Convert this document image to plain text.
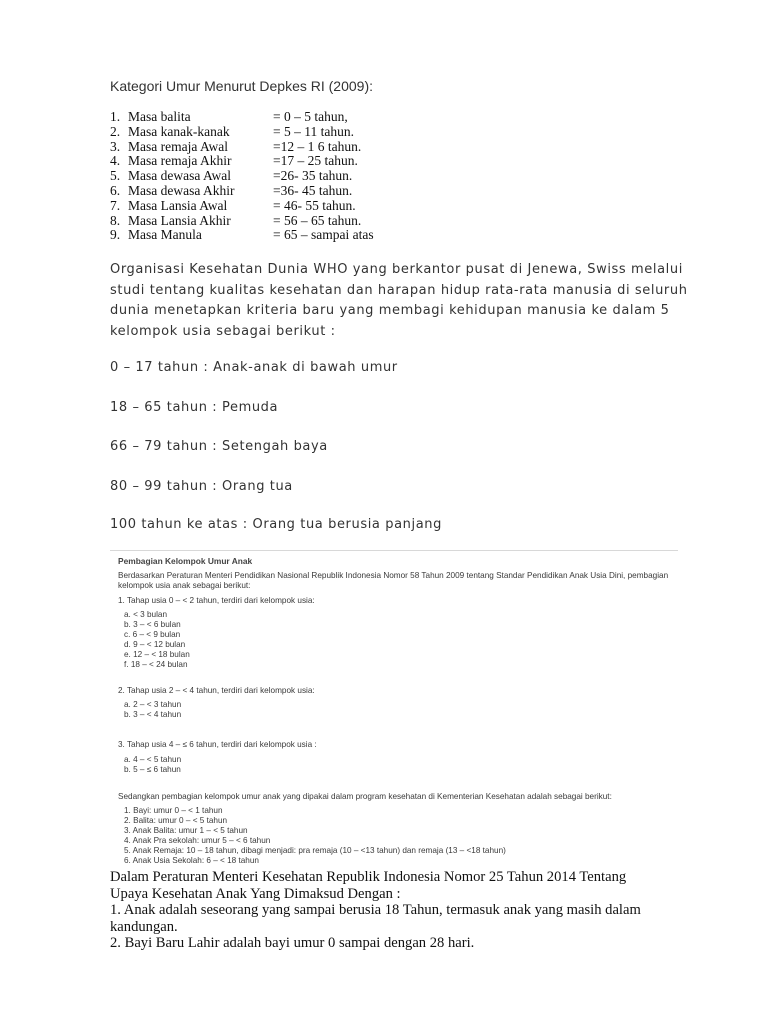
Kategori Umur Menurut Depkes RI (2009):
1. Masa balita	= 0 – 5 tahun,
2. Masa kanak-kanak	= 5 – 11 tahun.
3. Masa remaja Awal	=12 – 1 6 tahun.
4. Masa remaja Akhir	=17 – 25 tahun.
5. Masa dewasa Awal	=26- 35 tahun.
6. Masa dewasa Akhir	=36- 45 tahun.
7. Masa Lansia Awal	= 46- 55 tahun.
8. Masa Lansia Akhir	= 56 – 65 tahun.
9. Masa Manula	= 65 – sampai atas
Organisasi Kesehatan Dunia WHO yang berkantor pusat di Jenewa, Swiss melalui studi tentang kualitas kesehatan dan harapan hidup rata-rata manusia di seluruh dunia menetapkan kriteria baru yang membagi kehidupan manusia ke dalam 5 kelompok usia sebagai berikut :
0 – 17 tahun : Anak-anak di bawah umur
18 – 65 tahun : Pemuda
66 – 79 tahun : Setengah baya
80 – 99 tahun : Orang tua
100 tahun ke atas : Orang tua berusia panjang
Pembagian Kelompok Umur Anak
Berdasarkan Peraturan Menteri Pendidikan Nasional Republik Indonesia Nomor 58 Tahun 2009 tentang Standar Pendidikan Anak Usia Dini, pembagian kelompok usia anak sebagai berikut:
1. Tahap usia 0 – < 2 tahun, terdiri dari kelompok usia:
a. < 3 bulan
b. 3 – < 6 bulan
c. 6 – < 9 bulan
d. 9 – < 12 bulan
e. 12 – < 18 bulan
f. 18 – < 24 bulan
2. Tahap usia 2 – < 4 tahun, terdiri dari kelompok usia:
a. 2 – < 3 tahun
b. 3 – < 4 tahun
3. Tahap usia 4 – ≤ 6 tahun, terdiri dari kelompok usia :
a. 4 – < 5 tahun
b. 5 – ≤ 6 tahun
Sedangkan pembagian kelompok umur anak yang dipakai dalam program kesehatan di Kementerian Kesehatan adalah sebagai berikut:
1. Bayi: umur 0 – < 1 tahun
2. Balita: umur 0 – < 5 tahun
3. Anak Balita: umur 1 – < 5 tahun
4. Anak Pra sekolah: umur 5 – < 6 tahun
5. Anak Remaja: 10 – 18 tahun, dibagi menjadi: pra remaja (10 – <13 tahun) dan remaja (13 – <18 tahun)
6. Anak Usia Sekolah: 6 – < 18 tahun
Dalam Peraturan Menteri Kesehatan Republik Indonesia Nomor 25 Tahun 2014 Tentang
Upaya Kesehatan Anak Yang Dimaksud Dengan :
1. Anak adalah seseorang yang sampai berusia 18 Tahun, termasuk anak yang masih dalam
kandungan.
2. Bayi Baru Lahir adalah bayi umur 0 sampai dengan 28 hari.
